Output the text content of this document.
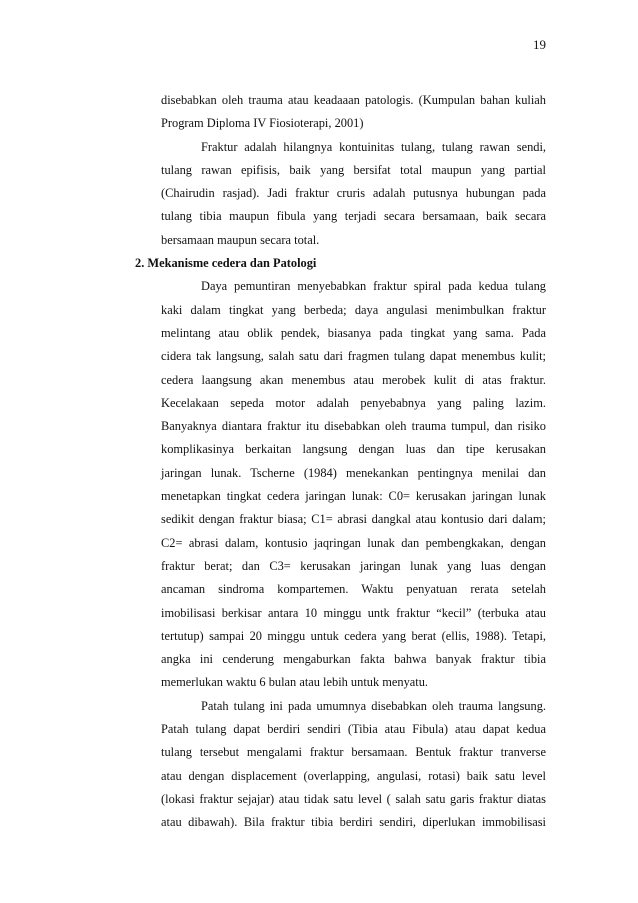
19
disebabkan oleh trauma atau keadaaan patologis. (Kumpulan bahan kuliah
Program Diploma IV Fiosioterapi, 2001)
Fraktur adalah hilangnya kontuinitas tulang, tulang rawan sendi,
tulang rawan epifisis, baik yang bersifat total maupun yang partial
(Chairudin rasjad). Jadi fraktur cruris adalah putusnya hubungan pada
tulang tibia maupun fibula yang terjadi secara bersamaan, baik secara
bersamaan maupun secara total.
2. Mekanisme cedera dan Patologi
Daya pemuntiran menyebabkan fraktur spiral pada kedua tulang
kaki dalam tingkat yang berbeda; daya angulasi menimbulkan fraktur
melintang atau oblik pendek, biasanya pada tingkat yang sama. Pada
cidera tak langsung, salah satu dari fragmen tulang dapat menembus kulit;
cedera laangsung akan menembus atau merobek kulit di atas fraktur.
Kecelakaan sepeda motor adalah penyebabnya yang paling lazim.
Banyaknya diantara fraktur itu disebabkan oleh trauma tumpul, dan risiko
komplikasinya berkaitan langsung dengan luas dan tipe kerusakan
jaringan lunak. Tscherne (1984) menekankan pentingnya menilai dan
menetapkan tingkat cedera jaringan lunak: C0= kerusakan jaringan lunak
sedikit dengan fraktur biasa; C1= abrasi dangkal atau kontusio dari dalam;
C2= abrasi dalam, kontusio jaqringan lunak dan pembengkakan, dengan
fraktur berat; dan C3= kerusakan jaringan lunak yang luas dengan
ancaman sindroma kompartemen. Waktu penyatuan rerata setelah
imobilisasi berkisar antara 10 minggu untk fraktur “kecil” (terbuka atau
tertutup) sampai 20 minggu untuk cedera yang berat (ellis, 1988). Tetapi,
angka ini cenderung mengaburkan fakta bahwa banyak fraktur tibia
memerlukan waktu 6 bulan atau lebih untuk menyatu.
Patah tulang ini pada umumnya disebabkan oleh trauma langsung.
Patah tulang dapat berdiri sendiri (Tibia atau Fibula) atau dapat kedua
tulang tersebut mengalami fraktur bersamaan. Bentuk fraktur tranverse
atau dengan displacement (overlapping, angulasi, rotasi) baik satu level
(lokasi fraktur sejajar) atau tidak satu level ( salah satu garis fraktur diatas
atau dibawah). Bila fraktur tibia berdiri sendiri, diperlukan immobilisasi
